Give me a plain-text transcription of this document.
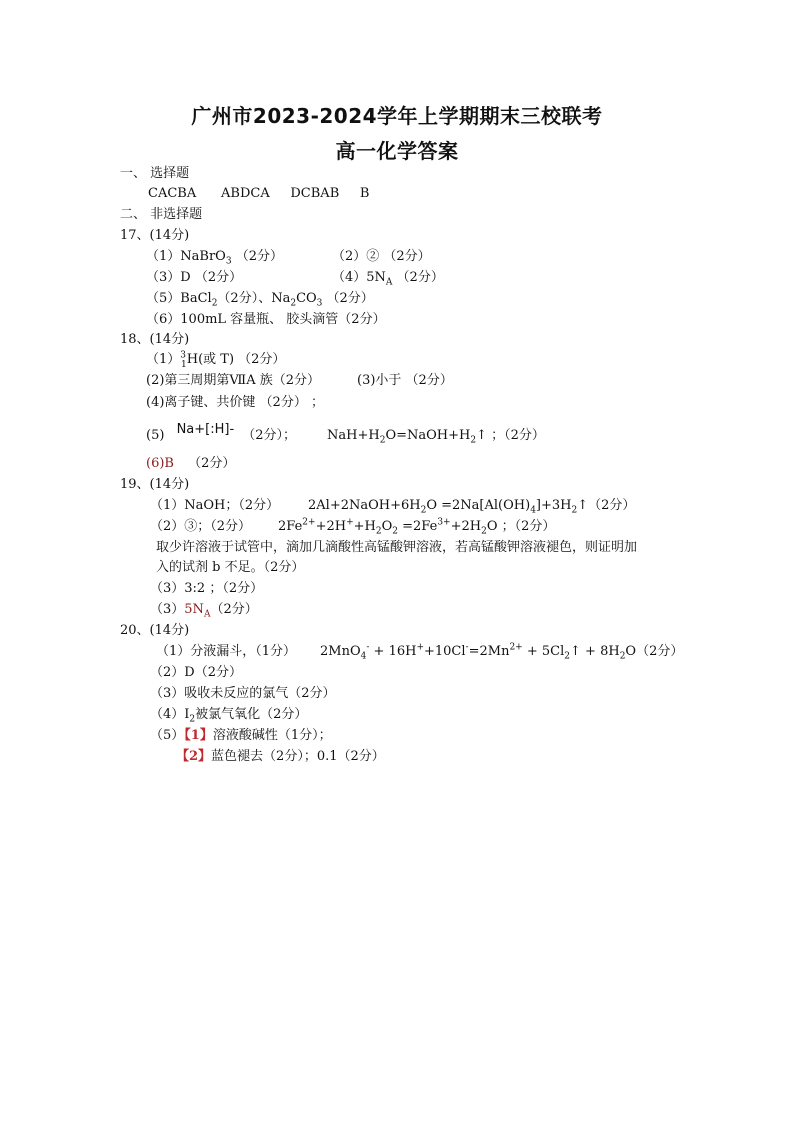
广州市2023-2024学年上学期期末三校联考
高一化学答案
一、 选择题
CACBA      ABDCA     DCBAB     B
二、 非选择题
17、(14分)
（1）NaBrO$_3$ （2分）	（2）② （2分）
（3）D （2分）	$(4)5N_A$ （2分）
（5）BaCl$_2$（2分）、$Na_2CO_3$ （2分）
（6）100mL 容量瓶、 胶头滴管（2分）
18、(14分)
$(1)^3_1H$(或 T) （2分）
(2)第三周期第ⅦA 族（2分）	(3)小于 （2分）
(4)离子键、共价键 （2分） ；
(5) Na+[:H]- （2分）； $NaH+H_2O=NaOH+H_2↑$ ；（2分）
(6)B （2分）
19、(14分)
（1）NaOH；（2分） $2Al+2NaOH+6H_2O$ $=2Na[Al(OH)_4]+3H_2↑(2$分）
（2）③；（2分） $2Fe^{2+}+2H^++H_2O_2 =2Fe^{3+}+2H_2O$ ；（2分）
取少许溶液于试管中，滴加几滴酸性高锰酸钾溶液，若高锰酸钾溶液褪色，则证明加
入的试剂 b 不足。（2分）
（3）3:2 ；（2分）
$(3)5N_A(2$分）
20、(14分)
（1）分液漏斗，（1分） $2MnO_4^- + 16H^++10Cl^-=2Mn^{2+}$ + $5Cl_2↑ + 8H_2O(2$分）
（2）D（2分）
（3）吸收未反应的氯气（2分）
$(4)I_2$被氯气氧化（2分）
（5）【1】溶液酸碱性（1分）；
【2】蓝色褪去（2分）；0.1（2分）
